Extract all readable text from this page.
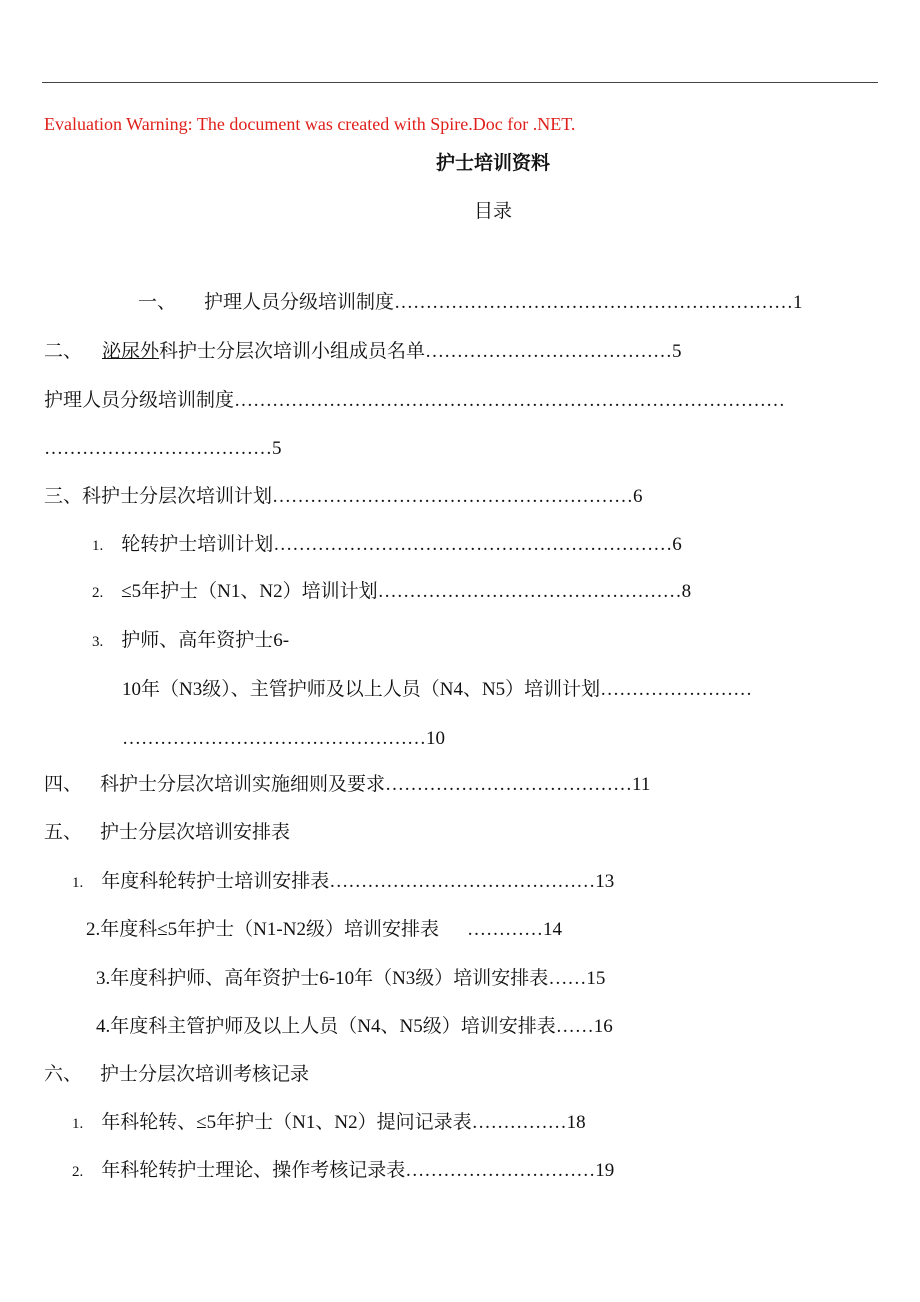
Evaluation Warning: The document was created with Spire.Doc for .NET.
护士培训资料
目录
一、 护理人员分级培训制度………………………………………………………1
二、 泌尿外科护士分层次培训小组成员名单…………………………………5
护理人员分级培训制度……………………………………………………………………………
………………………………5
三、科护士分层次培训计划…………………………………………………6
1. 轮转护士培训计划………………………………………………………6
2. ≤5年护士（N1、N2）培训计划…………………………………………8
3. 护师、高年资护士6-
10年（N3级）、主管护师及以上人员（N4、N5）培训计划……………………
…………………………………………10
四、 科护士分层次培训实施细则及要求…………………………………11
五、 护士分层次培训安排表
1. 年度科轮转护士培训安排表……………………………………13
2.年度科≤5年护士（N1-N2级）培训安排表 …………14
3.年度科护师、高年资护士6-10年（N3级）培训安排表……15
4.年度科主管护师及以上人员（N4、N5级）培训安排表……16
六、 护士分层次培训考核记录
1. 年科轮转、≤5年护士（N1、N2）提问记录表……………18
2. 年科轮转护士理论、操作考核记录表…………………………19
